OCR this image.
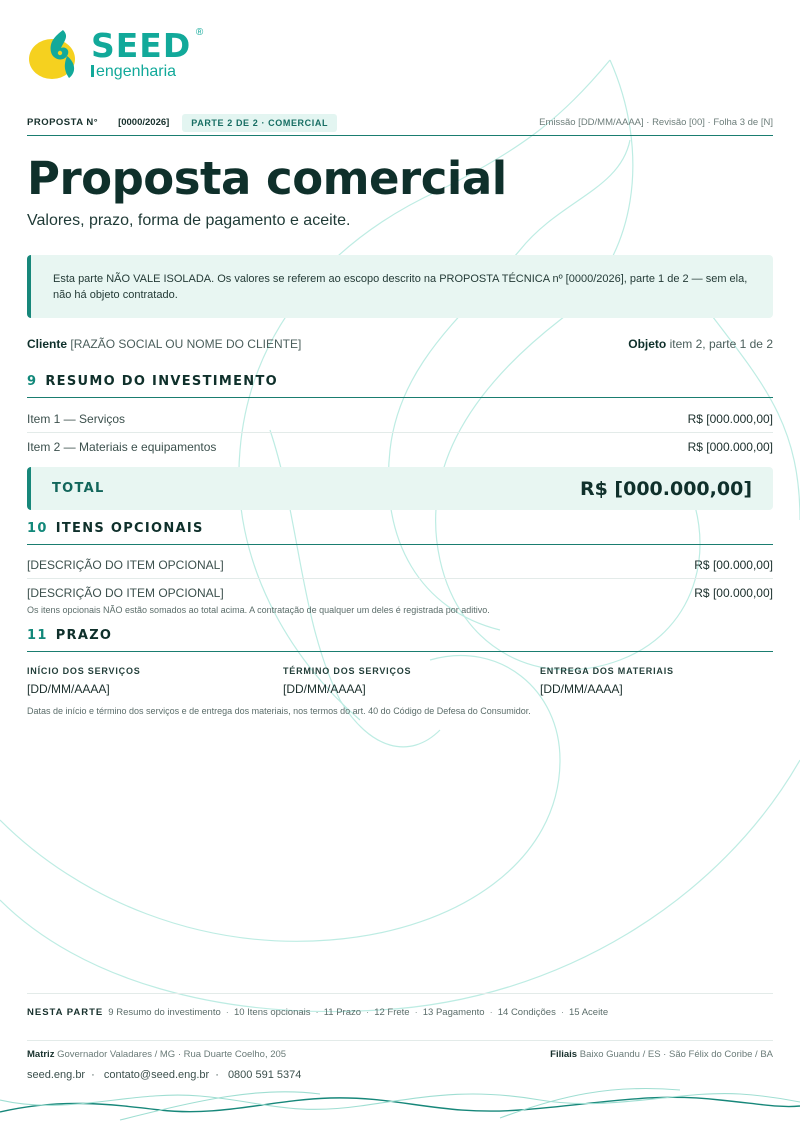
SEED ®
engenharia
PROPOSTA N° [0000/2026]	PARTE 2 DE 2 · COMERCIAL	Emissão [DD/MM/AAAA] · Revisão [00] · Folha 3 de [N]
Proposta comercial

Valores, prazo, forma de pagamento e aceite.

Esta parte NÃO VALE ISOLADA. Os valores se referem ao escopo descrito na PROPOSTA TÉCNICA nº [0000/2026], parte 1 de 2 — sem ela, não há objeto contratado.
Cliente [RAZÃO SOCIAL OU NOME DO CLIENTE]	Objeto item 2, parte 1 de 2
9 RESUMO DO INVESTIMENTO
Item 1 — Serviços	R$ [000.000,00]
Item 2 — Materiais e equipamentos	R$ [000.000,00]
TOTAL	R$ [000.000,00]
10 ITENS OPCIONAIS
[DESCRIÇÃO DO ITEM OPCIONAL]	R$ [00.000,00]
[DESCRIÇÃO DO ITEM OPCIONAL]	R$ [00.000,00]

Os itens opcionais NÃO estão somados ao total acima. A contratação de qualquer um deles é registrada por aditivo.

11 PRAZO
INÍCIO DOS SERVIÇOS
[DD/MM/AAAA]
TÉRMINO DOS SERVIÇOS
[DD/MM/AAAA]
ENTREGA DOS MATERIAIS
[DD/MM/AAAA]

Datas de início e término dos serviços e de entrega dos materiais, nos termos do art. 40 do Código de Defesa do Consumidor.

NESTA PARTE 9 Resumo do investimento · 10 Itens opcionais · 11 Prazo · 12 Frete · 13 Pagamento · 14 Condições · 15 Aceite
Matriz Governador Valadares / MG · Rua Duarte Coelho, 205	Filiais Baixo Guandu / ES · São Félix do Coribe / BA
seed.eng.br · contato@seed.eng.br · 0800 591 5374
